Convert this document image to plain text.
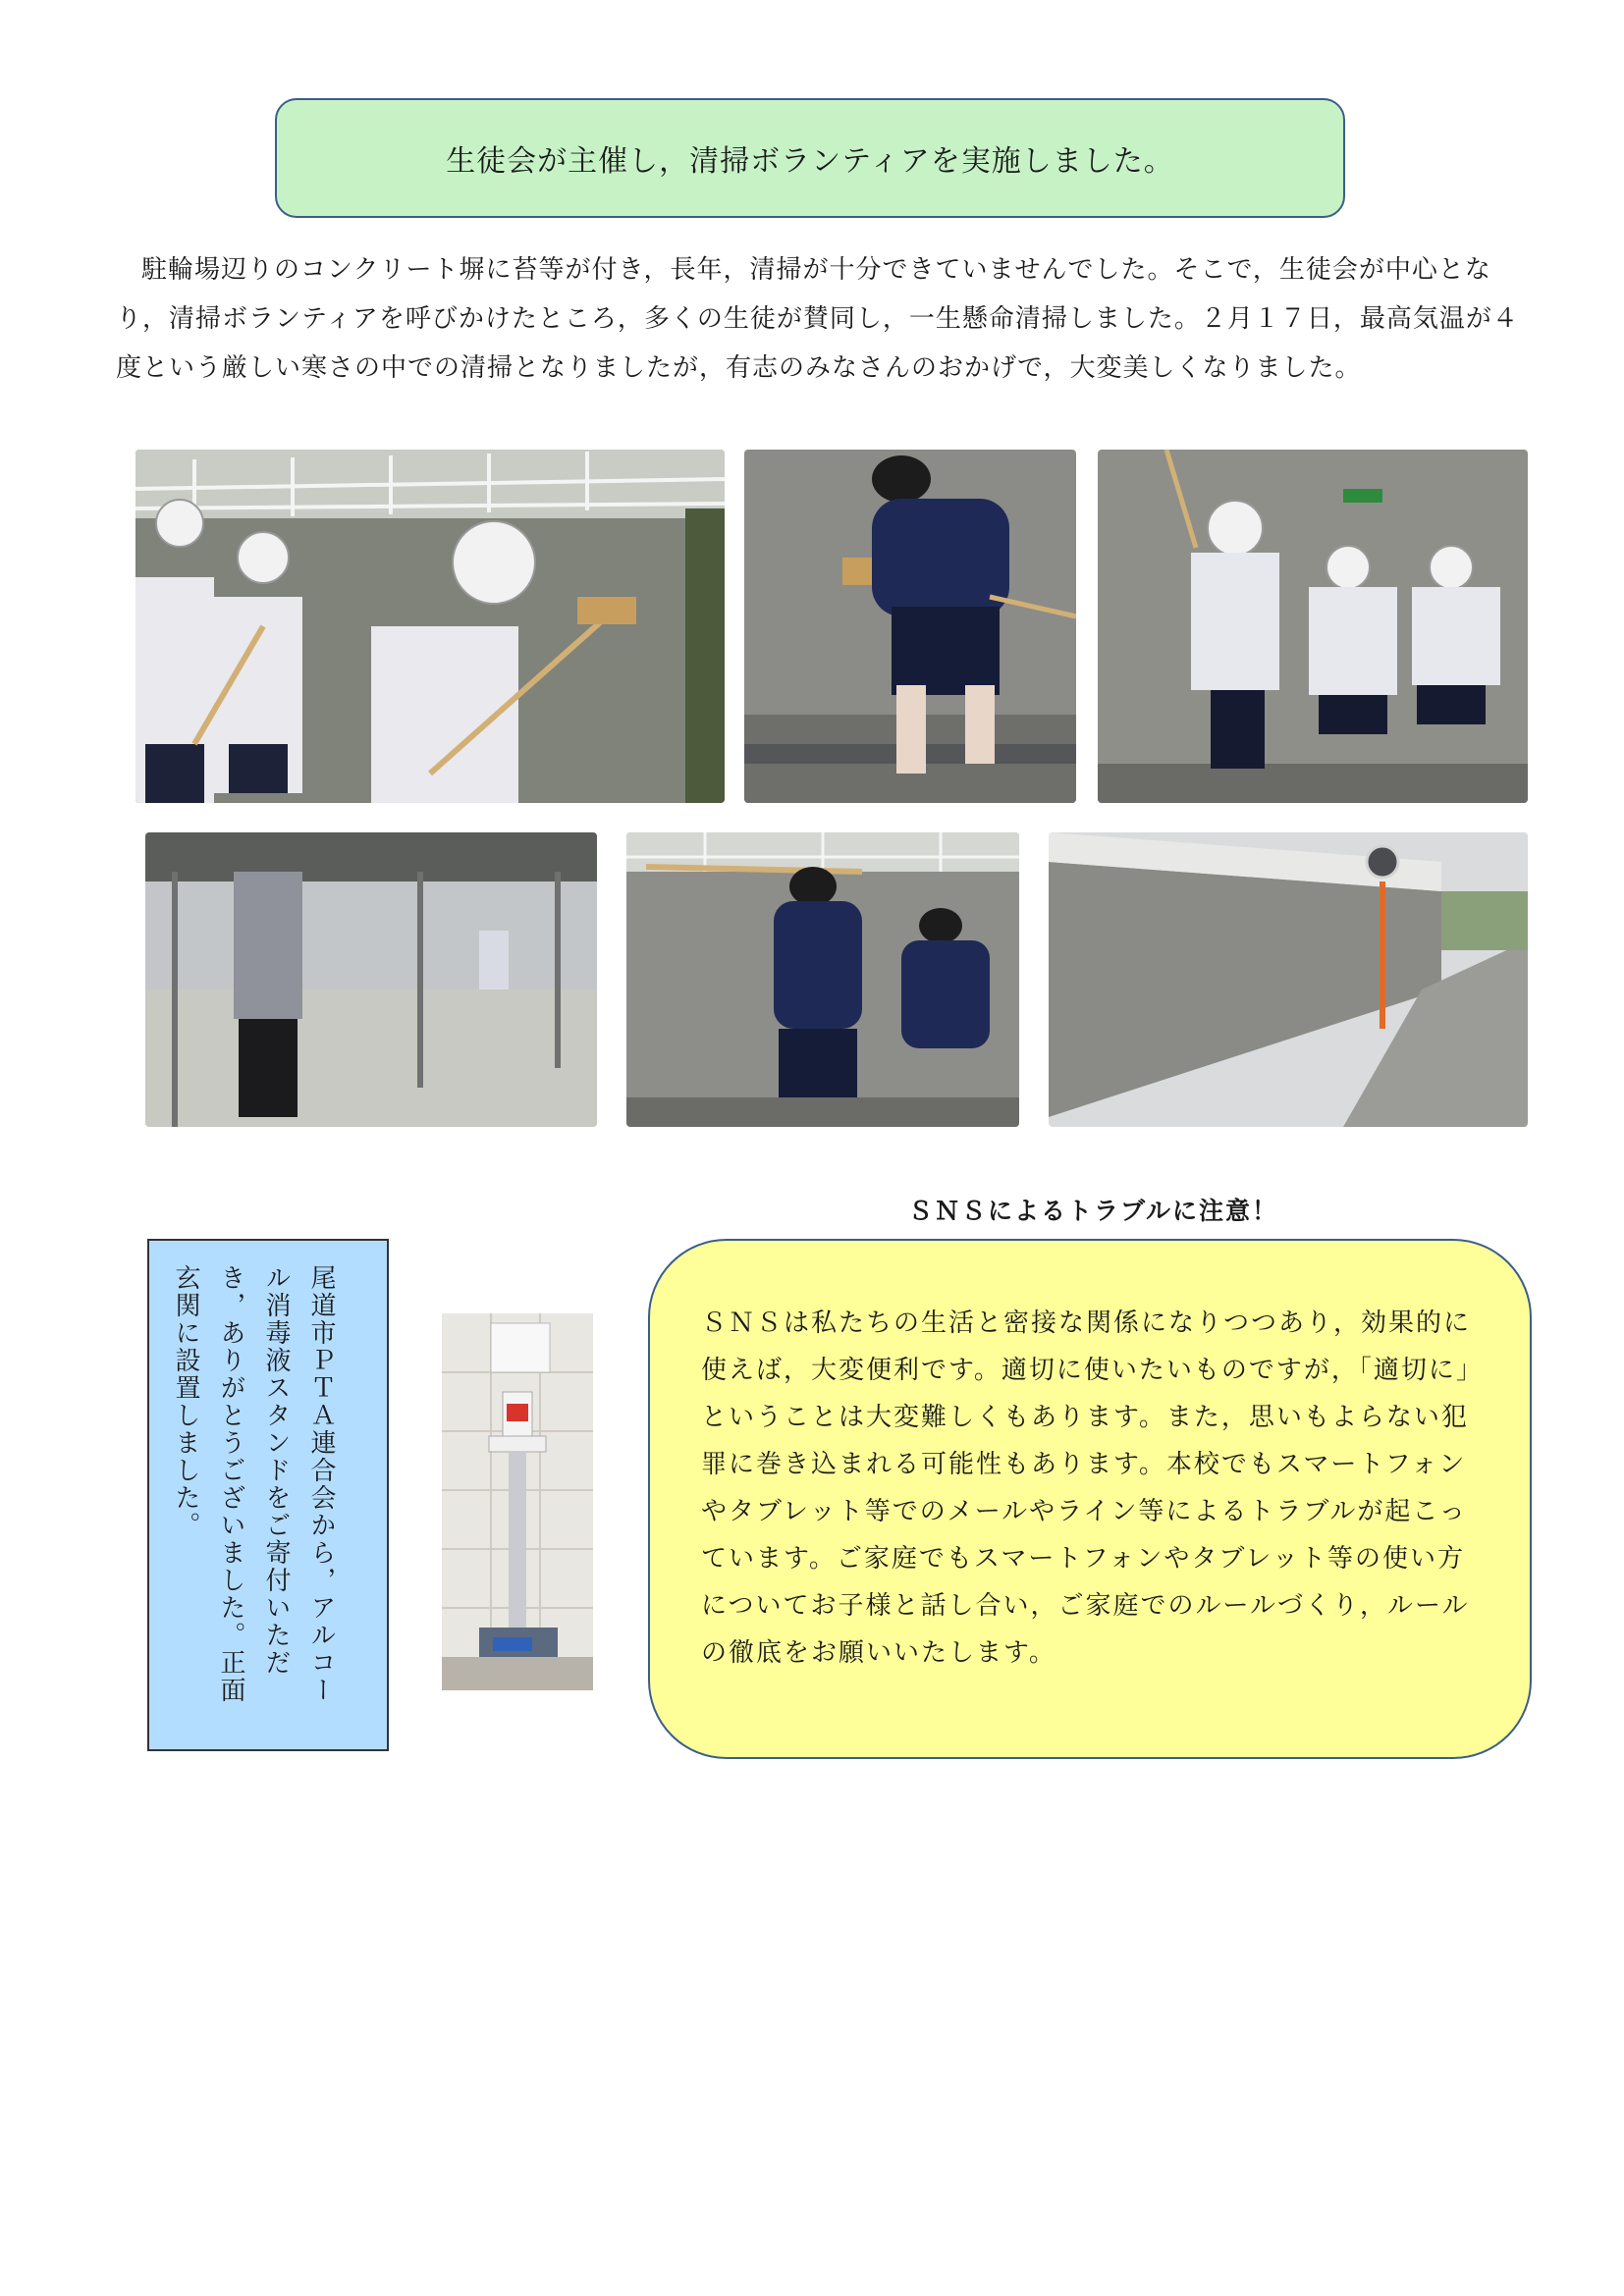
生徒会が主催し，清掃ボランティアを実施しました。

駐輪場辺りのコンクリート塀に苔等が付き，長年，清掃が十分できていませんでした。そこで，生徒会が中心となり，清掃ボランティアを呼びかけたところ，多くの生徒が賛同し，一生懸命清掃しました。２月１７日，最高気温が４度という厳しい寒さの中での清掃となりましたが，有志のみなさんのおかげで，大変美しくなりました。

ＳＮＳによるトラブルに注意！

ＳＮＳは私たちの生活と密接な関係になりつつあり，効果的に使えば，大変便利です。適切に使いたいものですが，「適切に」ということは大変難しくもあります。また，思いもよらない犯罪に巻き込まれる可能性もあります。本校でもスマートフォンやタブレット等でのメールやライン等によるトラブルが起こっています。ご家庭でもスマートフォンやタブレット等の使い方についてお子様と話し合い，ご家庭でのルールづくり，ルールの徹底をお願いいたします。

尾道市ＰＴＡ連合会から，アルコール消毒液スタンドをご寄付いただき，ありがとうございました。正面玄関に設置しました。
